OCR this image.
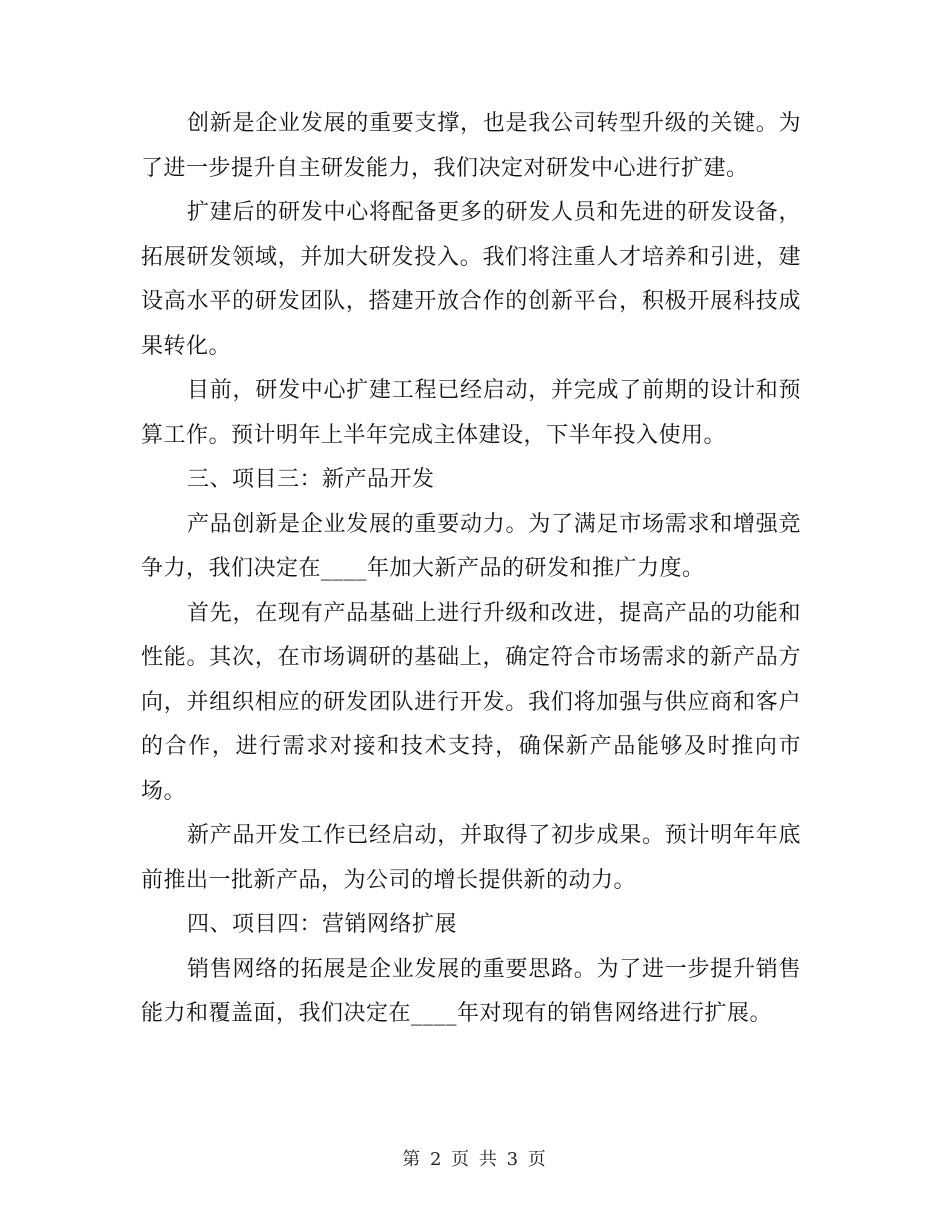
创新是企业发展的重要支撑，也是我公司转型升级的关键。为了进一步提升自主研发能力，我们决定对研发中心进行扩建。

扩建后的研发中心将配备更多的研发人员和先进的研发设备，拓展研发领域，并加大研发投入。我们将注重人才培养和引进，建设高水平的研发团队，搭建开放合作的创新平台，积极开展科技成果转化。

目前，研发中心扩建工程已经启动，并完成了前期的设计和预算工作。预计明年上半年完成主体建设，下半年投入使用。

三、项目三：新产品开发

产品创新是企业发展的重要动力。为了满足市场需求和增强竞争力，我们决定在____年加大新产品的研发和推广力度。

首先，在现有产品基础上进行升级和改进，提高产品的功能和性能。其次，在市场调研的基础上，确定符合市场需求的新产品方向，并组织相应的研发团队进行开发。我们将加强与供应商和客户的合作，进行需求对接和技术支持，确保新产品能够及时推向市场。

新产品开发工作已经启动，并取得了初步成果。预计明年年底前推出一批新产品，为公司的增长提供新的动力。

四、项目四：营销网络扩展

销售网络的拓展是企业发展的重要思路。为了进一步提升销售能力和覆盖面，我们决定在____年对现有的销售网络进行扩展。

第 2 页 共 3 页
